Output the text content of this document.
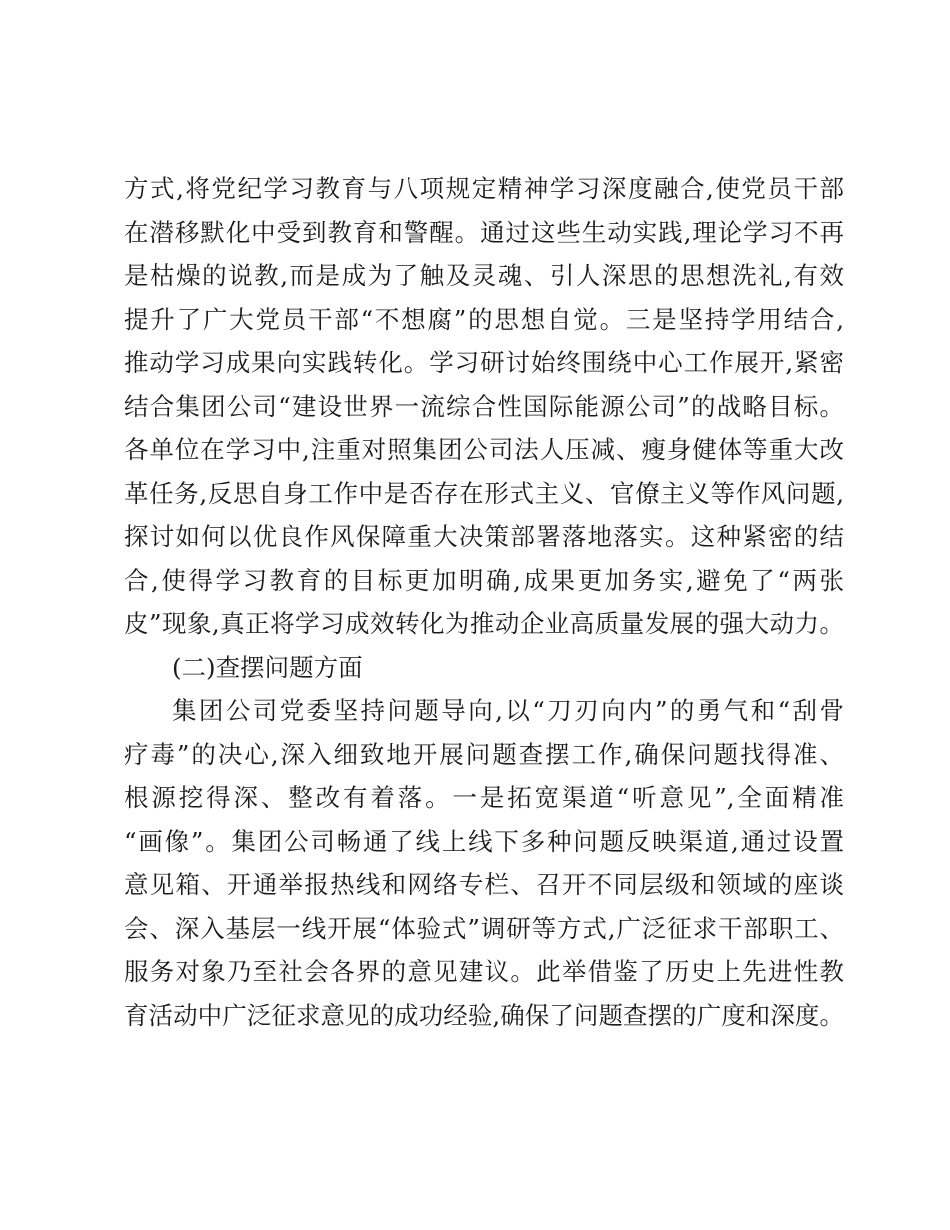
方式,将党纪学习教育与八项规定精神学习深度融合,使党员干部
在潜移默化中受到教育和警醒。通过这些生动实践,理论学习不再
是枯燥的说教,而是成为了触及灵魂、引人深思的思想洗礼,有效
提升了广大党员干部“不想腐”的思想自觉。三是坚持学用结合,
推动学习成果向实践转化。学习研讨始终围绕中心工作展开,紧密
结合集团公司“建设世界一流综合性国际能源公司”的战略目标。
各单位在学习中,注重对照集团公司法人压减、瘦身健体等重大改
革任务,反思自身工作中是否存在形式主义、官僚主义等作风问题,
探讨如何以优良作风保障重大决策部署落地落实。这种紧密的结
合,使得学习教育的目标更加明确,成果更加务实,避免了“两张
皮”现象,真正将学习成效转化为推动企业高质量发展的强大动力。
(二)查摆问题方面
集团公司党委坚持问题导向,以“刀刃向内”的勇气和“刮骨
疗毒”的决心,深入细致地开展问题查摆工作,确保问题找得准、
根源挖得深、整改有着落。一是拓宽渠道“听意见”,全面精准
“画像”。集团公司畅通了线上线下多种问题反映渠道,通过设置
意见箱、开通举报热线和网络专栏、召开不同层级和领域的座谈
会、深入基层一线开展“体验式”调研等方式,广泛征求干部职工、
服务对象乃至社会各界的意见建议。此举借鉴了历史上先进性教
育活动中广泛征求意见的成功经验,确保了问题查摆的广度和深度。
